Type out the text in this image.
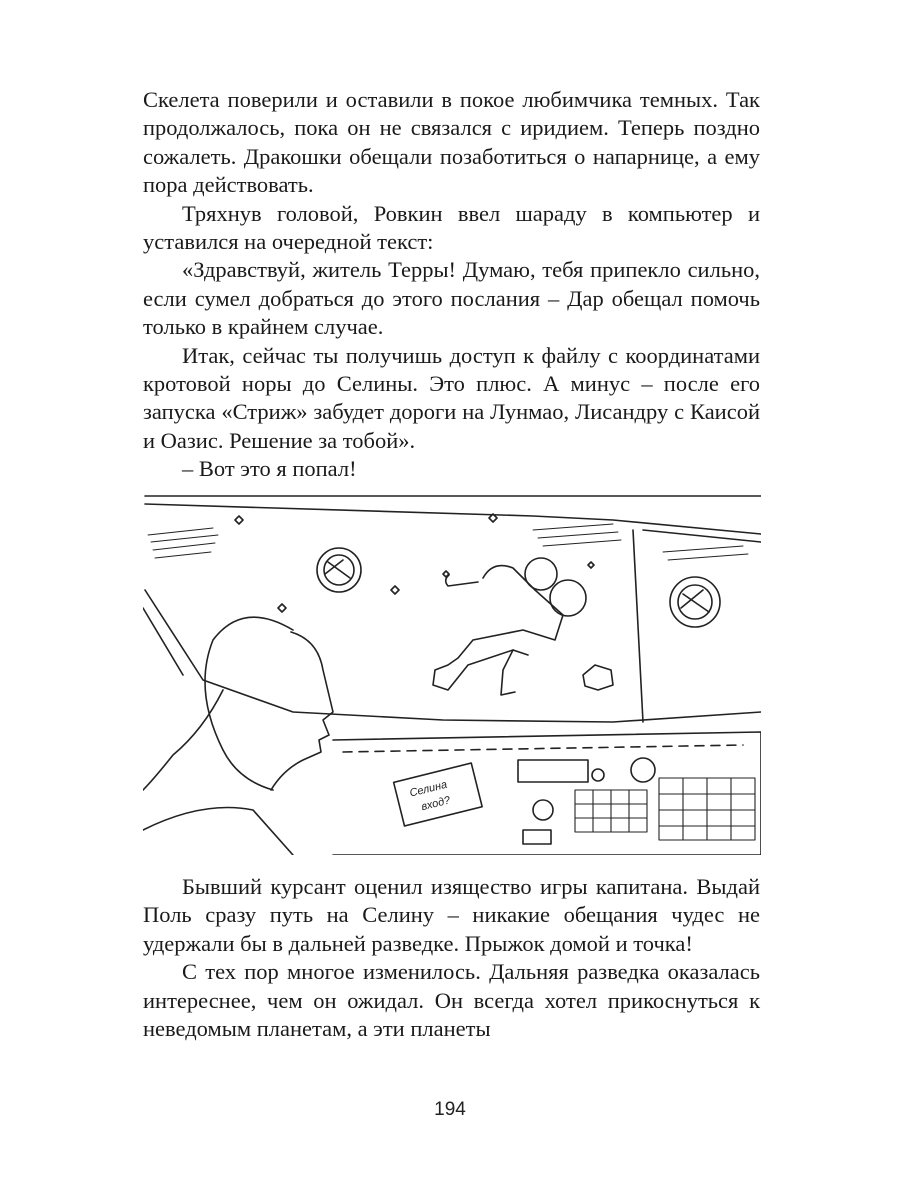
Скелета поверили и оставили в покое любимчика темных. Так продолжалось, пока он не связался с иридием. Теперь поздно сожалеть. Дракошки обещали позаботиться о напарнице, а ему пора действовать.

Тряхнув головой, Ровкин ввел шараду в компьютер и уставился на очередной текст:

«Здравствуй, житель Терры! Думаю, тебя припекло сильно, если сумел добраться до этого послания – Дар обещал помочь только в крайнем случае.

Итак, сейчас ты получишь доступ к файлу с координатами кротовой норы до Селины. Это плюс. А минус – после его запуска «Стриж» забудет дороги на Лунмао, Лисандру с Каисой и Оазис. Решение за тобой».

– Вот это я попал!

Селина
вход?

Бывший курсант оценил изящество игры капитана. Выдай Поль сразу путь на Селину – никакие обещания чудес не удержали бы в дальней разведке. Прыжок домой и точка!

С тех пор многое изменилось. Дальняя разведка оказалась интереснее, чем он ожидал. Он всегда хотел прикоснуться к неведомым планетам, а эти планеты

194
